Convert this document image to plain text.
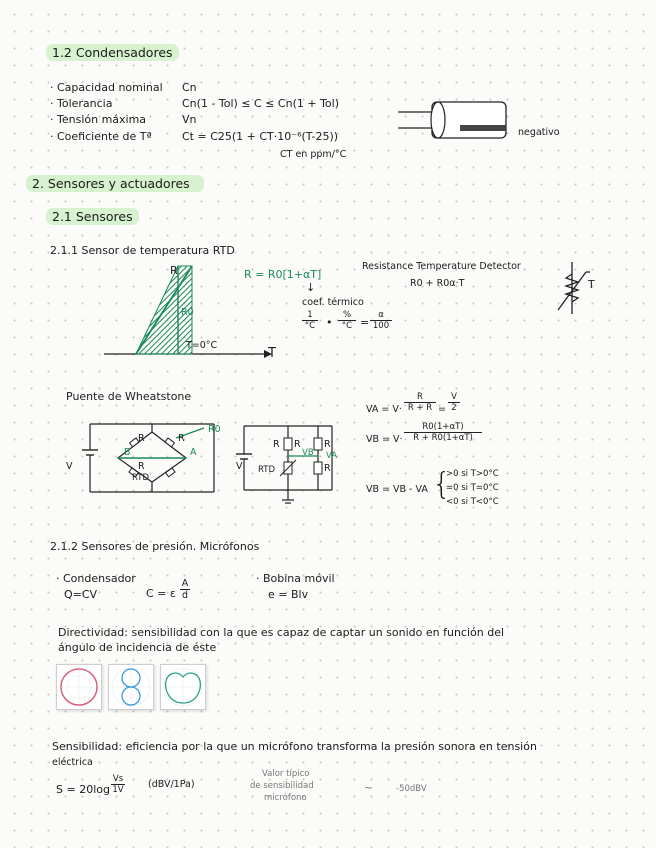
1.2 Condensadores
· Capacidad nominal Cn
· Tolerancia	Cn(1 - Tol) ≤ C ≤ Cn(1 + Tol)
· Tensión máxima	Vn
· Coeficiente de Tª	Ct = C25(1 + CT·10⁻⁶(T-25))
CT en ppm/°C
negativo
2. Sensores y actuadores
2.1 Sensores
2.1.1 Sensor de temperatura RTD
R
T
R0
T=0°C
R = R0[1+αT]
↓
coef. térmico
$\frac{1}{^\circ C}$ •
%
$^\circ C = \frac{\alpha}{100}$
Resistance Temperature Detector
R0 + R0α·T	T
Puente de Wheatstone
R	R
R
RTD
R0
B	A
V
R R R
R
RTD
VB VA
V
VA = $V\cdot \frac{R}{R + R} = \frac{V}{2}$
VB = $V\cdot \frac{R0(1+\alpha T)}{R + R0(1+\alpha T)}$
VB = VB - VA {
>0 si T>0°C
=0 si T=0°C
<0 si T<0°C
2.1.2 Sensores de presión. Micrófonos
· Condensador
Q=CV	C = ε $\frac{A}{d}$	· Bobina móvil
e = Blv
Directividad: sensibilidad con la que es capaz de captar un sonido en función del
ángulo de incidencia de éste
Sensibilidad: eficiencia por la que un micrófono transforma la presión sonora en tensión
eléctrica
$S = 20\log \frac{Vs}{1V} (dBV/1Pa)$
Valor típico
de sensibilidad
micrófono
~	-50dBV
